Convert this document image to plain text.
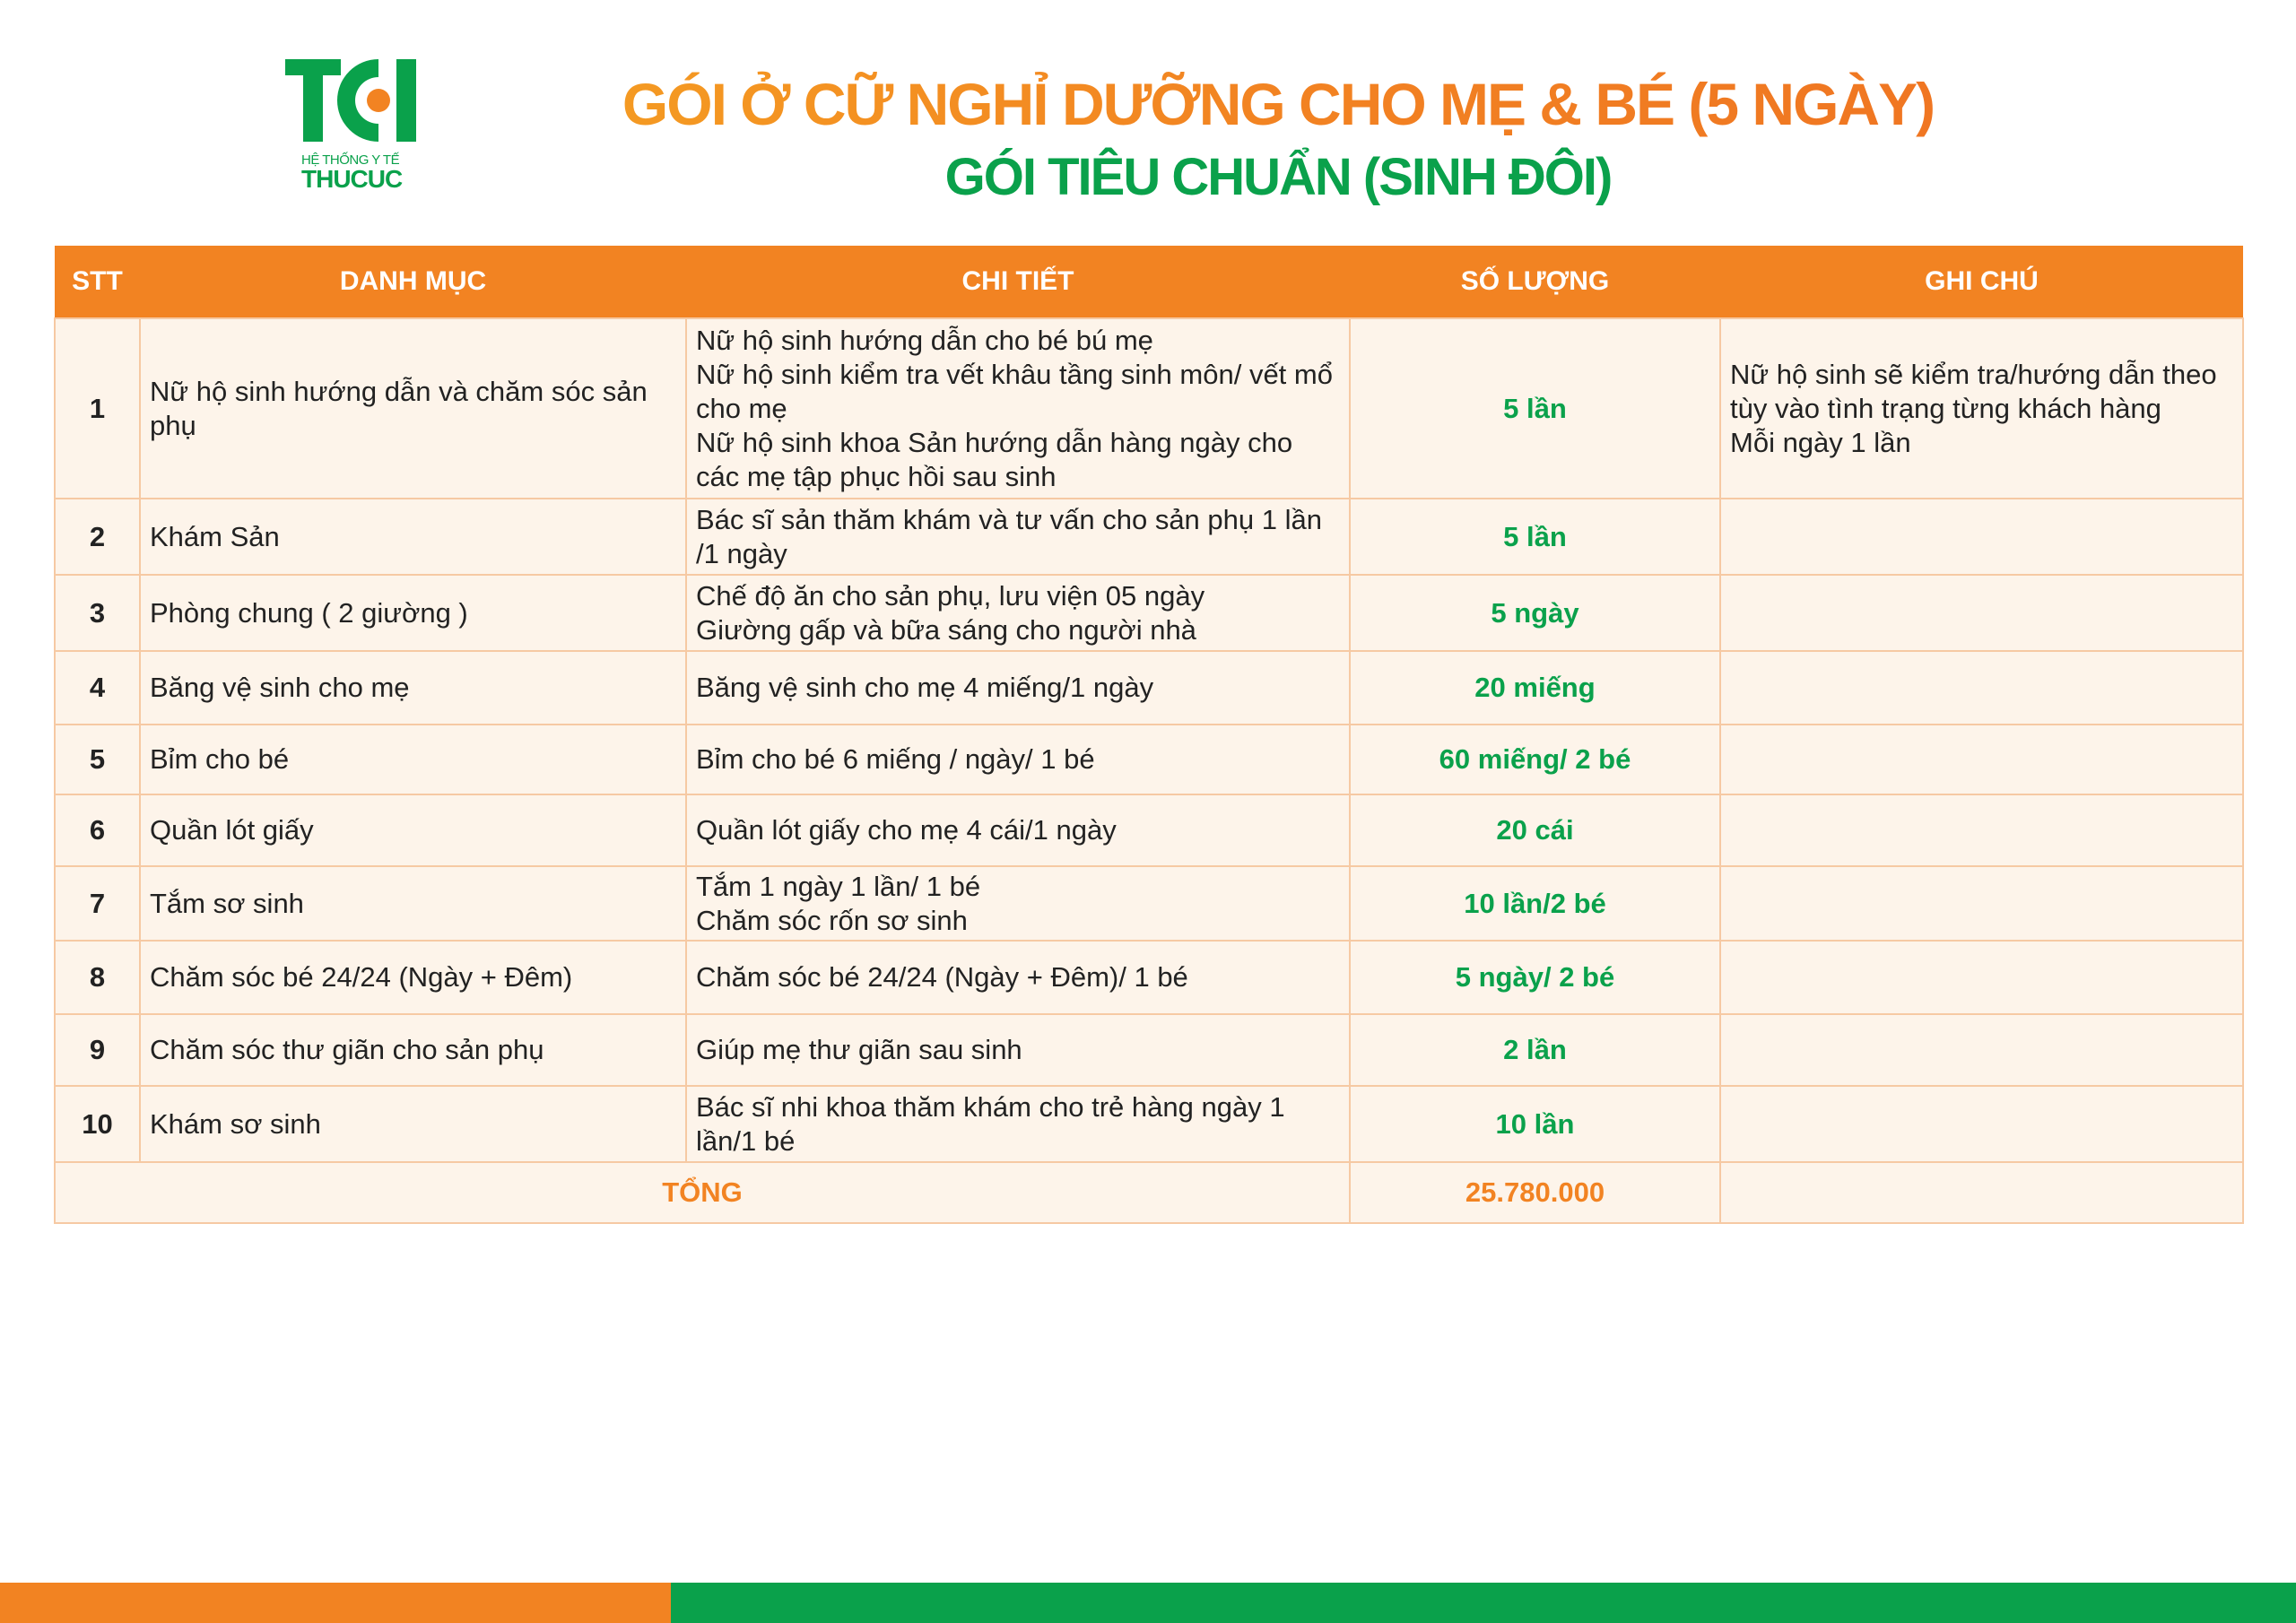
HỆ THỐNG Y TẾ
THUCUC
GÓI Ở CỮ NGHỈ DƯỠNG CHO MẸ & BÉ (5 NGÀY)
GÓI TIÊU CHUẨN (SINH ĐÔI)
STT	DANH MỤC	CHI TIẾT	SỐ LƯỢNG	GHI CHÚ
1	Nữ hộ sinh hướng dẫn và chăm sóc sản phụ	Nữ hộ sinh hướng dẫn cho bé bú mẹ
Nữ hộ sinh kiểm tra vết khâu tầng sinh môn/ vết mổ cho mẹ
Nữ hộ sinh khoa Sản hướng dẫn hàng ngày cho các mẹ tập phục hồi sau sinh	5 lần	Nữ hộ sinh sẽ kiểm tra/hướng dẫn theo tùy vào tình trạng từng khách hàng
Mỗi ngày 1 lần

2	Khám Sản	Bác sĩ sản thăm khám và tư vấn cho sản phụ 1 lần /1 ngày	5 lần	
3	Phòng chung ( 2 giường )	Chế độ ăn cho sản phụ, lưu viện 05 ngày
Giường gấp và bữa sáng cho người nhà	5 ngày	
4	Băng vệ sinh cho mẹ	Băng vệ sinh cho mẹ 4 miếng/1 ngày	20 miếng	
5	Bỉm cho bé	Bỉm cho bé 6 miếng / ngày/ 1 bé	60 miếng/ 2 bé	
6	Quần lót giấy	Quần lót giấy cho mẹ 4 cái/1 ngày	20 cái	
7	Tắm sơ sinh	Tắm 1 ngày 1 lần/ 1 bé
Chăm sóc rốn sơ sinh	10 lần/2 bé	
8	Chăm sóc bé 24/24 (Ngày + Đêm)	Chăm sóc bé 24/24 (Ngày + Đêm)/ 1 bé	5 ngày/ 2 bé	
9	Chăm sóc thư giãn cho sản phụ	Giúp mẹ thư giãn sau sinh	2 lần	
10	Khám sơ sinh	Bác sĩ nhi khoa thăm khám cho trẻ hàng ngày 1 lần/1 bé	10 lần	
TỔNG			25.780.000	
